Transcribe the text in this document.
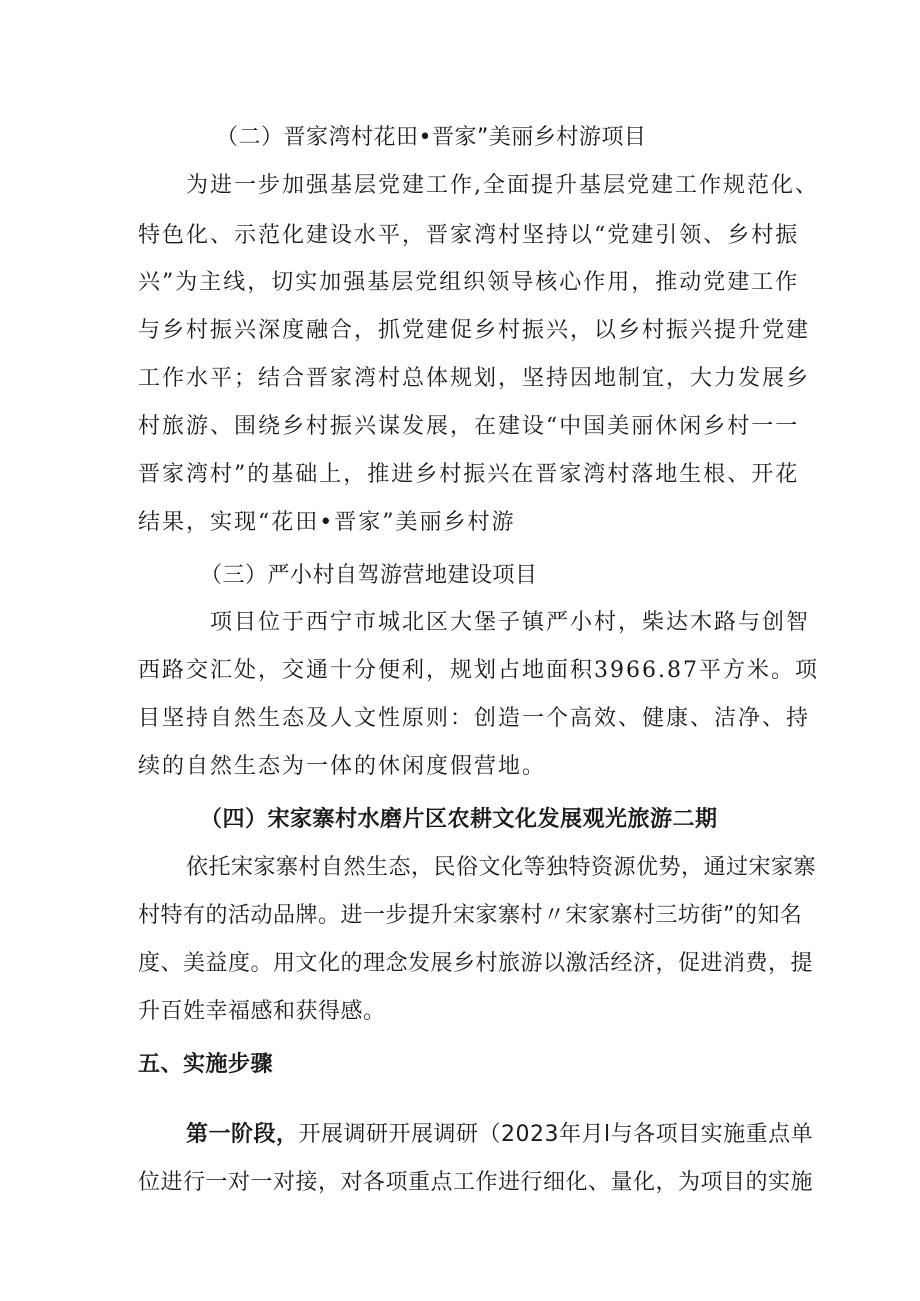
（二）晋家湾村花田•晋家”美丽乡村游项目
为进一步加强基层党建工作,全面提升基层党建工作规范化、
特色化、示范化建设水平，晋家湾村坚持以“党建引领、乡村振
兴”为主线，切实加强基层党组织领导核心作用，推动党建工作
与乡村振兴深度融合，抓党建促乡村振兴，以乡村振兴提升党建
工作水平；结合晋家湾村总体规划，坚持因地制宜，大力发展乡
村旅游、围绕乡村振兴谋发展，在建设“中国美丽休闲乡村一一
晋家湾村”的基础上，推进乡村振兴在晋家湾村落地生根、开花
结果，实现“花田•晋家”美丽乡村游
（三）严小村自驾游营地建设项目
项目位于西宁市城北区大堡子镇严小村，柴达木路与创智
西路交汇处，交通十分便利，规划占地面积3966.87平方米。项
目坚持自然生态及人文性原则：创造一个高效、健康、洁净、持
续的自然生态为一体的休闲度假营地。
（四）宋家寨村水磨片区农耕文化发展观光旅游二期
依托宋家寨村自然生态，民俗文化等独特资源优势，通过宋家寨
村特有的活动品牌。进一步提升宋家寨村〃宋家寨村三坊街”的知名
度、美益度。用文化的理念发展乡村旅游以激活经济，促进消费，提
升百姓幸福感和获得感。
五、实施步骤
第一阶段，开展调研开展调研（2023年月l与各项目实施重点单
位进行一对一对接，对各项重点工作进行细化、量化，为项目的实施
